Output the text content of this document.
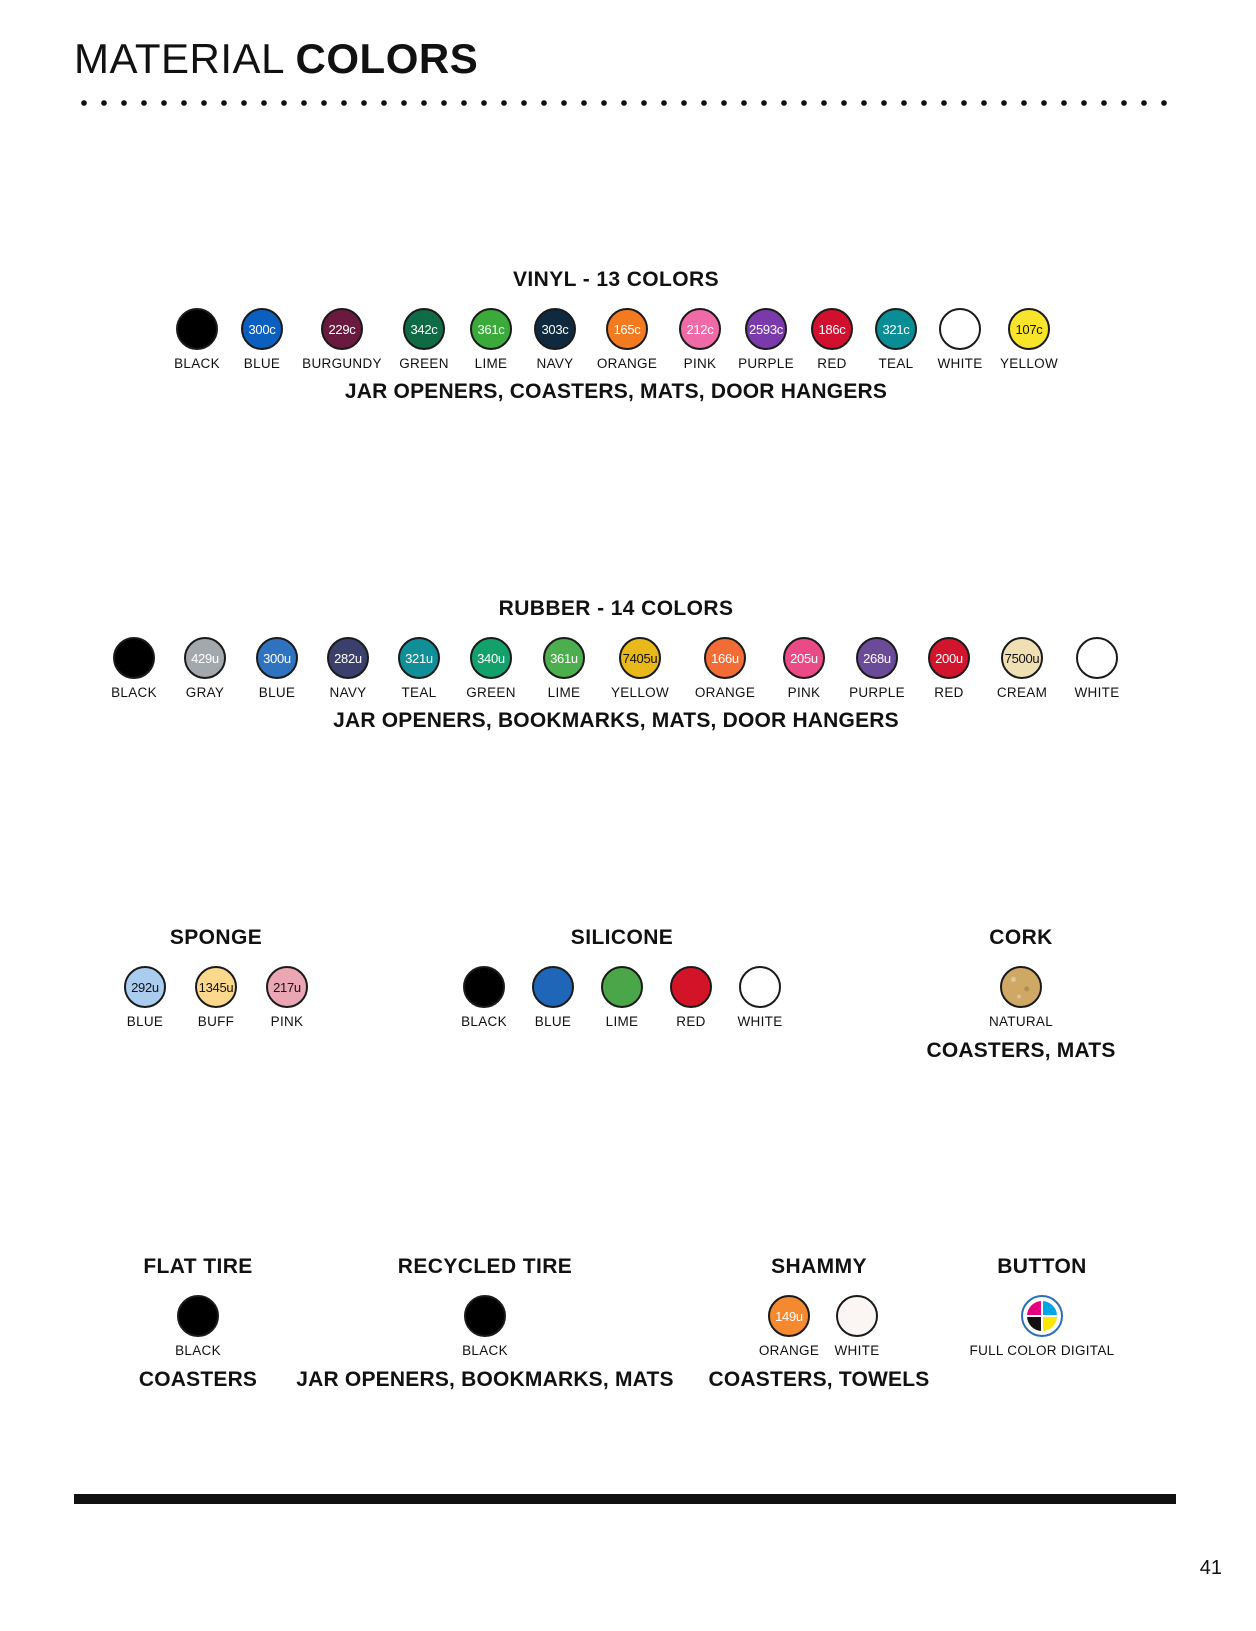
MATERIAL COLORS
VINYL - 13 COLORS
BLACK
300c
BLUE
229c
BURGUNDY
342c
GREEN
361c
LIME
303c
NAVY
165c
ORANGE
212c
PINK
2593c
PURPLE
186c
RED
321c
TEAL WHITE
107c
YELLOW

JAR OPENERS, COASTERS, MATS, DOOR HANGERS

RUBBER - 14 COLORS
BLACK
429u
GRAY
300u
BLUE
282u
NAVY
321u
TEAL
340u
GREEN
361u
LIME
7405u
YELLOW
166u
ORANGE
205u
PINK
268u
PURPLE
200u
RED
7500u
CREAM WHITE

JAR OPENERS, BOOKMARKS, MATS, DOOR HANGERS

SPONGE
292u
BLUE
1345u
BUFF
217u
PINK
SILICONE
BLACK BLUE	LIME	RED WHITE
CORK
NATURAL

COASTERS, MATS

FLAT TIRE
BLACK

COASTERS

RECYCLED TIRE
BLACK

JAR OPENERS, BOOKMARKS, MATS

SHAMMY
149u
ORANGE WHITE

COASTERS, TOWELS

BUTTON
FULL COLOR DIGITAL

41
